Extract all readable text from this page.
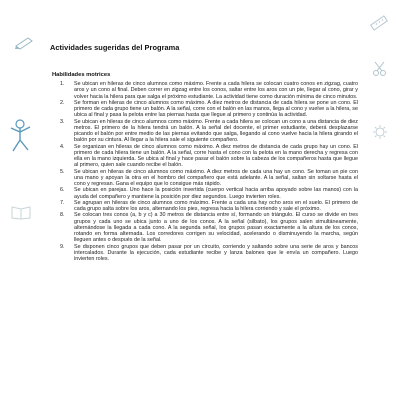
Actividades sugeridas del Programa
Habilidades motrices
1. Se ubican en hileras de cinco alumnos como máximo. Frente a cada hilera se colocan cuatro conos en zigzag, cuatro aros y un cono al final. Deben correr en zigzag entre los conos, saltar entre los aros con un pie, llegar al cono, girar y volver hacia la hilera para que salga el próximo estudiante. La actividad tiene como duración mínima de cinco minutos.
2. Se forman en hileras de cinco alumnos como máximo. A diez metros de distancia de cada hilera se pone un cono. El primero de cada grupo tiene un balón. A la señal, corre con el balón en las manos, llega al cono y vuelve a la hilera, se ubica al final y pasa la pelota entre las piernas hasta que llegue al primero y continúa la actividad.
3. Se ubican en hileras de cinco alumnos como máximo. Frente a cada hilera se colocan un cono a una distancia de diez metros. El primero de la hilera tendrá un balón. A la señal del docente, el primer estudiante, deberá desplazarse picando el balón por entre medio de las piernas evitando que salga, llegando al cono vuelve hacia la hilera girando el balón por su cintura. Al llegar a la hilera sale el siguiente compañero.
4. Se organizan en hileras de cinco alumnos como máximo. A diez metros de distancia de cada grupo hay un cono. El primero de cada hilera tiene un balón. A la señal, corre hasta el cono con la pelota en la mano derecha y regresa con ella en la mano izquierda. Se ubica al final y hace pasar el balón sobre la cabeza de los compañeros hasta que llegue al primero, quien sale cuando recibe el balón.
5. Se ubican en hileras de cinco alumnos como máximo. A diez metros de cada una hay un cono. Se toman un pie con una mano y apoyan la otra en el hombro del compañero que está adelante. A la señal, saltan sin soltarse hasta el cono y regresan. Gana el equipo que lo consigue más rápido.
6. Se ubican en parejas. Uno hace la posición invertida (cuerpo vertical hacia arriba apoyado sobre las manos) con la ayuda del compañero y mantiene la posición por diez segundos. Luego invierten roles.
7. Se agrupan en hileras de cinco alumnos como máximo. Frente a cada una hay ocho aros en el suelo. El primero de cada grupo salta sobre los aros, alternando los pies, regresa hacia la hilera corriendo y sale el próximo.
8. Se colocan tres conos (a, b y c) a 30 metros de distancia entre sí, formando un triángulo. El curso se divide en tres grupos y cada uno se ubica junto a uno de los conos. A la señal (silbato), los grupos salen simultáneamente, alternándose la llegada a cada cono. A la segunda señal, los grupos pasan exactamente a la altura de los conos, rotando en forma alternada. Los corredores corrigen su velocidad, acelerando o disminuyendo la marcha, según lleguen antes o después de la señal.
9. Se disponen cinco grupos que deben pasar por un circuito, corriendo y saltando sobre una serie de aros y bancos intercalados. Durante la ejecución, cada estudiante recibe y lanza balones que le envía un compañero. Luego invierten roles.
